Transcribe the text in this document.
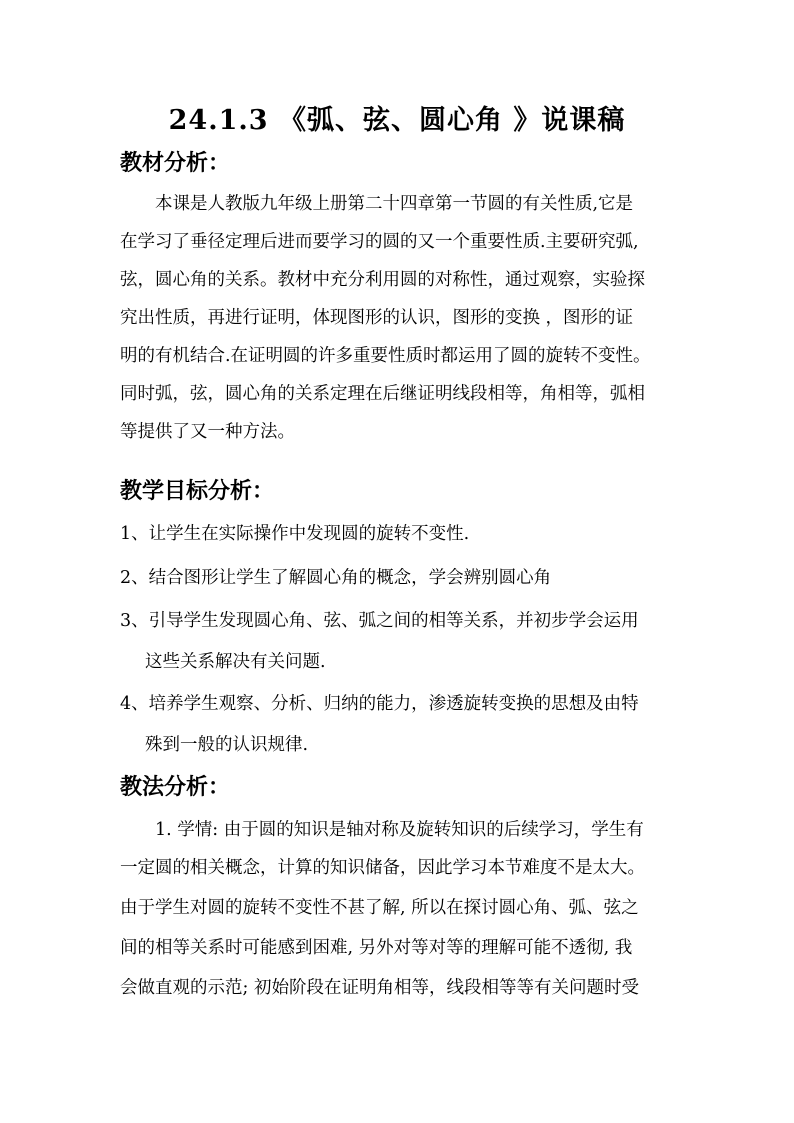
24.1.3 《弧、弦、圆心角 》说课稿
教材分析：
本课是人教版九年级上册第二十四章第一节圆的有关性质,它是
在学习了垂径定理后进而要学习的圆的又一个重要性质.主要研究弧,
弦，圆心角的关系。教材中充分利用圆的对称性，通过观察，实验探
究出性质，再进行证明，体现图形的认识，图形的变换 ，图形的证
明的有机结合.在证明圆的许多重要性质时都运用了圆的旋转不变性。
同时弧，弦，圆心角的关系定理在后继证明线段相等，角相等，弧相
等提供了又一种方法。
教学目标分析：
1、让学生在实际操作中发现圆的旋转不变性.
2、结合图形让学生了解圆心角的概念，学会辨别圆心角
3、引导学生发现圆心角、弦、弧之间的相等关系，并初步学会运用
这些关系解决有关问题.
4、培养学生观察、分析、归纳的能力，渗透旋转变换的思想及由特
殊到一般的认识规律.
教法分析：
1. 学情: 由于圆的知识是轴对称及旋转知识的后续学习，学生有
一定圆的相关概念，计算的知识储备，因此学习本节难度不是太大。
由于学生对圆的旋转不变性不甚了解, 所以在探讨圆心角、弧、弦之
间的相等关系时可能感到困难, 另外对等对等的理解可能不透彻, 我
会做直观的示范; 初始阶段在证明角相等，线段相等等有关问题时受
